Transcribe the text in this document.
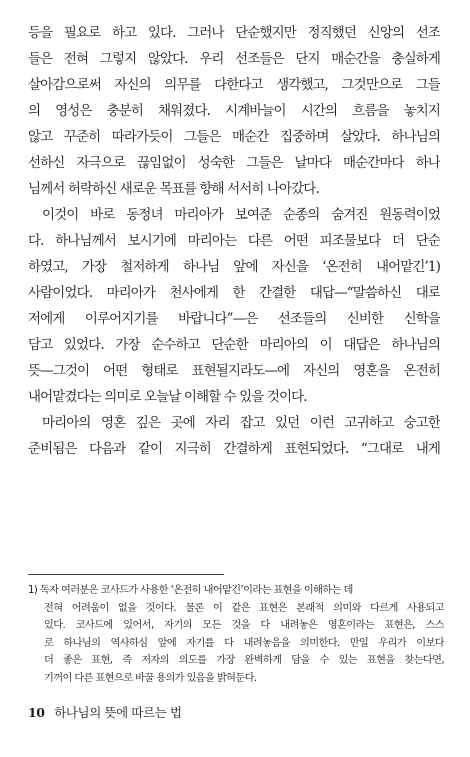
등을 필요로 하고 있다. 그러나 단순했지만 정직했던 신앙의 선조
들은 전혀 그렇지 않았다. 우리 선조들은 단지 매순간을 충실하게
살아감으로써 자신의 의무를 다한다고 생각했고, 그것만으로 그들
의 영성은 충분히 채워졌다. 시계바늘이 시간의 흐름을 놓치지
않고 꾸준히 따라가듯이 그들은 매순간 집중하며 살았다. 하나님의
선하신 자극으로 끊임없이 성숙한 그들은 날마다 매순간마다 하나
님께서 허락하신 새로운 목표를 향해 서서히 나아갔다.
이것이 바로 동정녀 마리아가 보여준 순종의 숨겨진 원동력이었
다. 하나님께서 보시기에 마리아는 다른 어떤 피조물보다 더 단순
하였고, 가장 철저하게 하나님 앞에 자신을 ‘온전히 내어맡긴’1)
사람이었다. 마리아가 천사에게 한 간결한 대답—“말씀하신 대로
저에게 이루어지기를 바랍니다”—은 선조들의 신비한 신학을
담고 있었다. 가장 순수하고 단순한 마리아의 이 대답은 하나님의
뜻—그것이 어떤 형태로 표현될지라도—에 자신의 영혼을 온전히
내어맡겼다는 의미로 오늘날 이해할 수 있을 것이다.
마리아의 영혼 깊은 곳에 자리 잡고 있던 이런 고귀하고 숭고한
준비됨은 다음과 같이 지극히 간결하게 표현되었다. “그대로 내게
1) 독자 여러분은 코사드가 사용한 ‘온전히 내어맡긴’이라는 표현을 이해하는 데
전혀 어려움이 없을 것이다. 물론 이 같은 표현은 본래적 의미와 다르게 사용되고
있다. 코사드에 있어서, 자기의 모든 것을 다 내려놓은 영혼이라는 표현은, 스스
로 하나님의 역사하심 앞에 자기를 다 내려놓음을 의미한다. 만일 우리가 이보다
더 좋은 표현, 즉 저자의 의도를 가장 완벽하게 담을 수 있는 표현을 찾는다면,
기꺼이 다른 표현으로 바꿀 용의가 있음을 밝혀둔다.
10 하나님의 뜻에 따르는 법
